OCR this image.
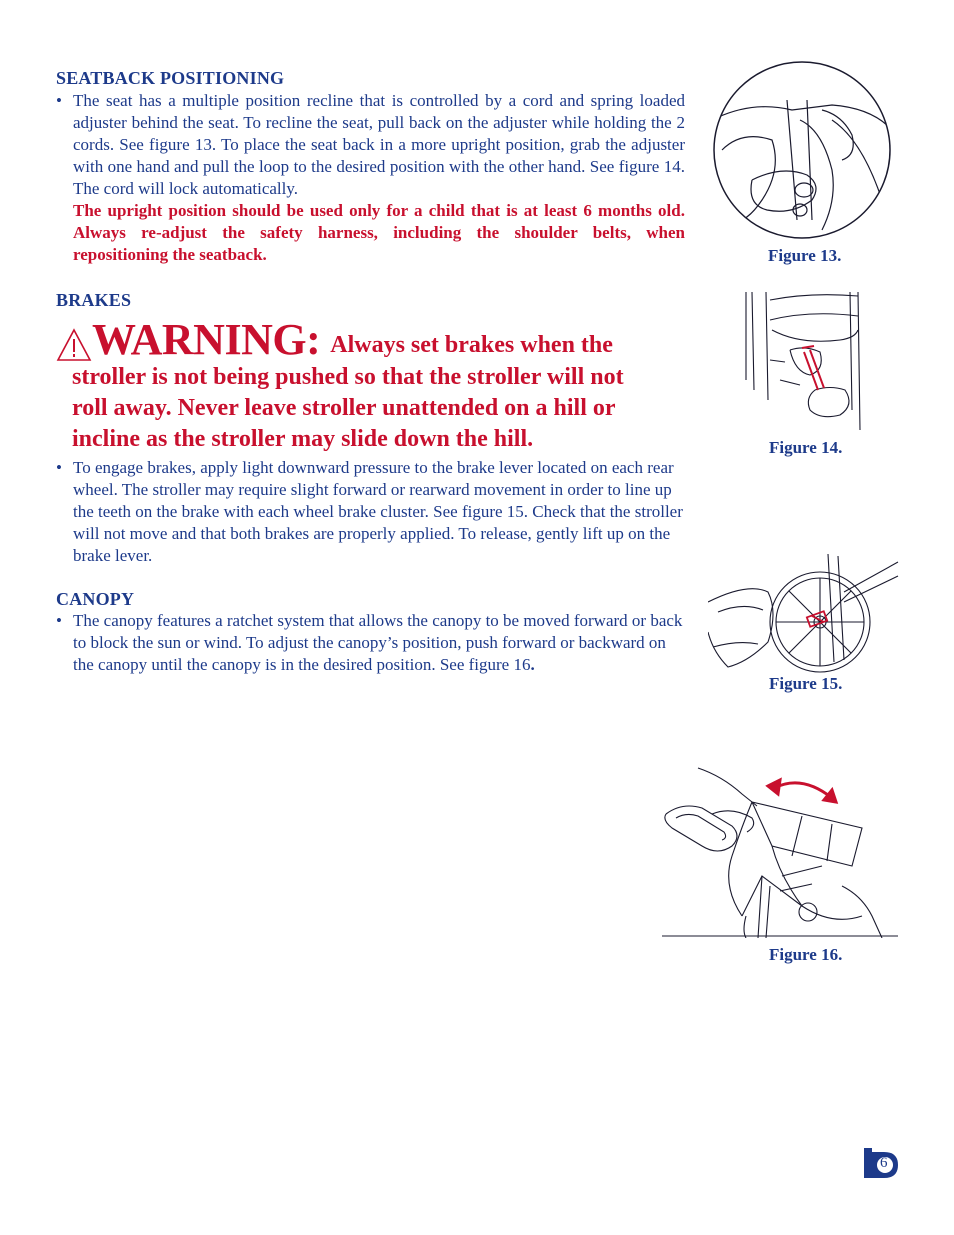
SEATBACK POSITIONING
• The seat has a multiple position recline that is controlled by a cord and spring loaded adjuster behind the seat. To recline the seat, pull back on the adjuster while holding the 2 cords. See figure 13. To place the seat back in a more upright position, grab the adjuster with one hand and pull the loop to the desired position with the other hand. See figure 14. The cord will lock automatically.
The upright position should be used only for a child that is at least 6 months old. Always re-adjust the safety harness, including the shoulder belts, when repositioning the seatback.
BRAKES
WARNING: Always set brakes when the
stroller is not being pushed so that the stroller will not
roll away. Never leave stroller unattended on a hill or
incline as the stroller may slide down the hill.
• To engage brakes, apply light downward pressure to the brake lever located on each rear wheel. The stroller may require slight forward or rearward movement in order to line up the teeth on the brake with each wheel brake cluster. See figure 15. Check that the stroller will not move and that both brakes are properly applied. To release, gently lift up on the brake lever.
CANOPY
• The canopy features a ratchet system that allows the canopy to be moved forward or back to block the sun or wind. To adjust the canopy’s position, push forward or backward on the canopy until the canopy is in the desired position. See figure 16.
Figure 13.
Figure 14.
Figure 15.
Figure 16.
6
